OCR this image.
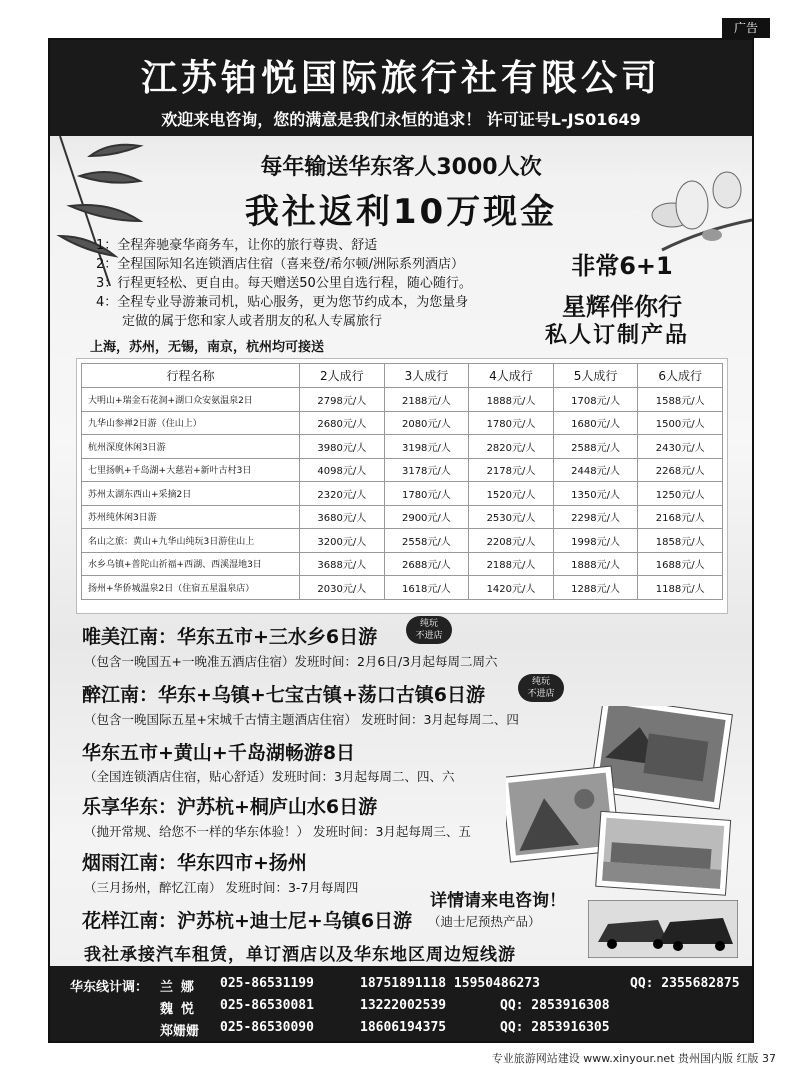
广告
江苏铂悦国际旅行社有限公司
欢迎来电咨询，您的满意是我们永恒的追求！ 许可证号L-JS01649
每年输送华东客人3000人次
我社返利10万现金
1：全程奔驰豪华商务车，让你的旅行尊贵、舒适
2：全程国际知名连锁酒店住宿（喜来登/希尔顿/洲际系列酒店）
3：行程更轻松、更自由。每天赠送50公里自选行程，随心随行。
4：全程专业导游兼司机，贴心服务，更为您节约成本，为您量身
定做的属于您和家人或者朋友的私人专属旅行
非常6+1
星辉伴你行
私人订制产品
上海，苏州，无锡，南京，杭州均可接送
行程名称	2人成行	3人成行	4人成行	5人成行	6人成行
大明山+瑞金石花洞+湖口众安氨温泉2日	2798元/人	2188元/人	1888元/人	1708元/人	1588元/人
九华山参禅2日游（住山上）	2680元/人	2080元/人	1780元/人	1680元/人	1500元/人
杭州深度休闲3日游	3980元/人	3198元/人	2820元/人	2588元/人	2430元/人
七里扬帆+千岛湖+大慈岩+新叶古村3日	4098元/人	3178元/人	2178元/人	2448元/人	2268元/人
苏州太湖东西山+采摘2日	2320元/人	1780元/人	1520元/人	1350元/人	1250元/人
苏州纯休闲3日游	3680元/人	2900元/人	2530元/人	2298元/人	2168元/人
名山之旅：黄山+九华山纯玩3日游住山上	3200元/人	2558元/人	2208元/人	1998元/人	1858元/人
水乡乌镇+普陀山祈福+西湖、西溪湿地3日	3688元/人	2688元/人	2188元/人	1888元/人	1688元/人
扬州+华侨城温泉2日（住宿五星温泉店）	2030元/人	1618元/人	1420元/人	1288元/人	1188元/人
唯美江南：华东五市+三水乡6日游
纯玩
不进店
（包含一晚国五+一晚准五酒店住宿）发班时间：2月6日/3月起每周二周六
醉江南：华东+乌镇+七宝古镇+荡口古镇6日游
纯玩
不进店
（包含一晚国际五星+宋城千古情主题酒店住宿） 发班时间：3月起每周二、四
华东五市+黄山+千岛湖畅游8日
（全国连锁酒店住宿，贴心舒适）发班时间：3月起每周二、四、六
乐享华东：沪苏杭+桐庐山水6日游
（抛开常规、给您不一样的华东体验！） 发班时间：3月起每周三、五
烟雨江南：华东四市+扬州
（三月扬州，醉忆江南） 发班时间：3-7月每周四
花样江南：沪苏杭+迪士尼+乌镇6日游 （迪士尼预热产品）
详情请来电咨询！
我社承接汽车租赁，单订酒店以及华东地区周边短线游
华东线计调： 兰 娜 025-86531199	18751891118 15950486273	QQ: 2355682875
魏 悦 025-86530081	13222002539	QQ: 2853916308
郑姗姗 025-86530090	18606194375	QQ: 2853916305
专业旅游网站建设 www.xinyour.net 贵州国内版 红版 37
